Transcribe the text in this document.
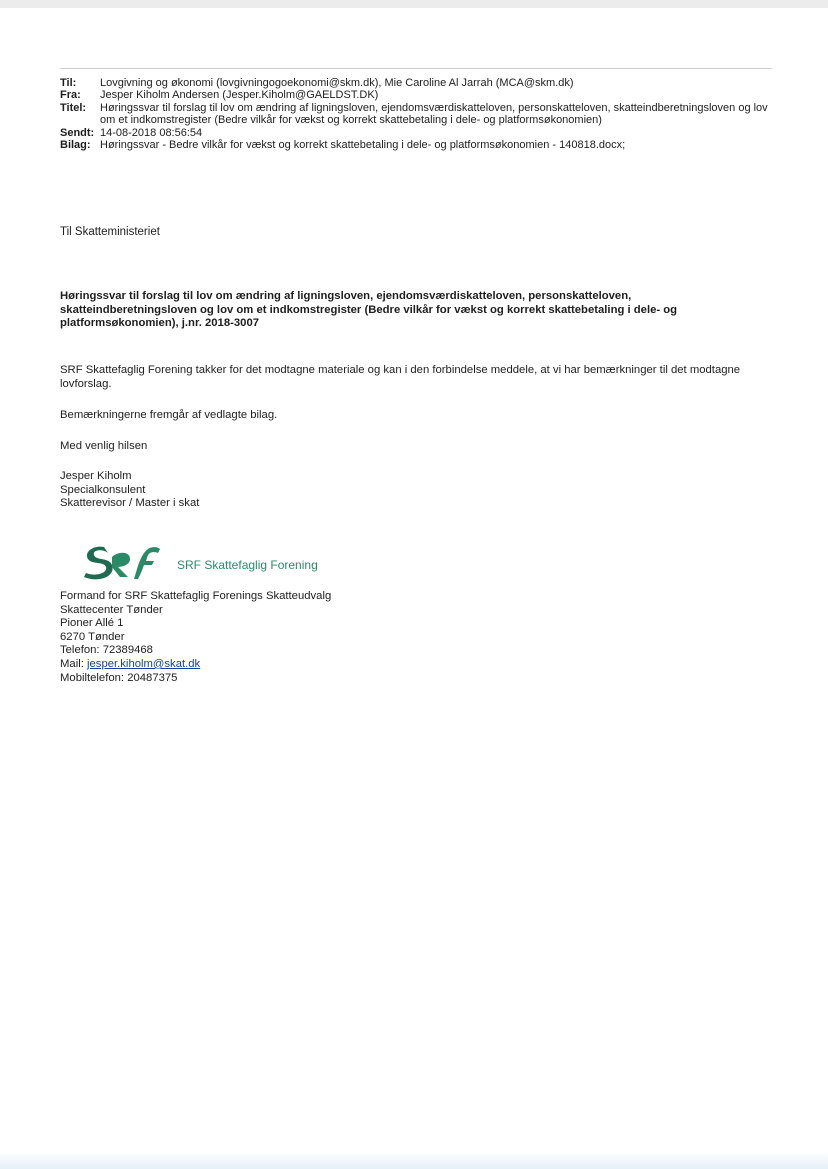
Til:	Lovgivning og økonomi (lovgivningogoekonomi@skm.dk), Mie Caroline Al Jarrah (MCA@skm.dk)
Fra:	Jesper Kiholm Andersen (Jesper.Kiholm@GAELDST.DK)
Titel:	Høringssvar til forslag til lov om ændring af ligningsloven, ejendomsværdiskatteloven, personskatteloven, skatteindberetningsloven og lov om et indkomstregister (Bedre vilkår for vækst og korrekt skattebetaling i dele- og platformsøkonomien)
Sendt: 14-08-2018 08:56:54
Bilag: Høringssvar - Bedre vilkår for vækst og korrekt skattebetaling i dele- og platformsøkonomien - 140818.docx;
Til Skatteministeriet
Høringssvar til forslag til lov om ændring af ligningsloven, ejendomsværdiskatteloven, personskatteloven, skatteindberetningsloven og lov om et indkomstregister (Bedre vilkår for vækst og korrekt skattebetaling i dele- og platformsøkonomien), j.nr. 2018-3007
SRF Skattefaglig Forening takker for det modtagne materiale og kan i den forbindelse meddele, at vi har bemærkninger til det modtagne lovforslag.
Bemærkningerne fremgår af vedlagte bilag.
Med venlig hilsen
Jesper Kiholm
Specialkonsulent
Skatterevisor / Master i skat
SRF Skattefaglig Forening
Formand for SRF Skattefaglig Forenings Skatteudvalg
Skattecenter Tønder
Pioner Allé 1
6270 Tønder
Telefon: 72389468
Mail: jesper.kiholm@skat.dk
Mobiltelefon: 20487375
